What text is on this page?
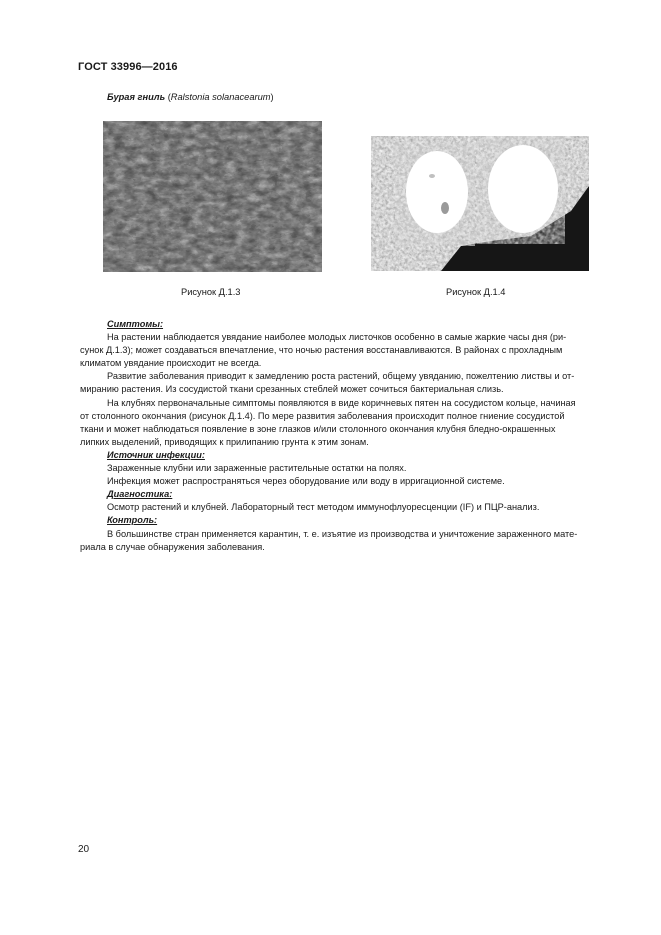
ГОСТ 33996—2016
Бурая гниль (Ralstonia solanacearum)
Рисунок Д.1.3	Рисунок Д.1.4

Симптомы:

На растении наблюдается увядание наиболее молодых листочков особенно в самые жаркие часы дня (ри-

сунок Д.1.3); может создаваться впечатление, что ночью растения восстанавливаются. В районах с прохладным

климатом увядание происходит не всегда.

Развитие заболевания приводит к замедлению роста растений, общему увяданию, пожелтению листвы и от-

миранию растения. Из сосудистой ткани срезанных стеблей может сочиться бактериальная слизь.

На клубнях первоначальные симптомы появляются в виде коричневых пятен на сосудистом кольце, начиная

от столонного окончания (рисунок Д.1.4). По мере развития заболевания происходит полное гниение сосудистой

ткани и может наблюдаться появление в зоне глазков и/или столонного окончания клубня бледно-окрашенных

липких выделений, приводящих к прилипанию грунта к этим зонам.

Источник инфекции:

Зараженные клубни или зараженные растительные остатки на полях.

Инфекция может распространяться через оборудование или воду в ирригационной системе.

Диагностика:

Осмотр растений и клубней. Лабораторный тест методом иммунофлуоресценции (IF) и ПЦР-анализ.

Контроль:

В большинстве стран применяется карантин, т. е. изъятие из производства и уничтожение зараженного мате-

риала в случае обнаружения заболевания.

20
